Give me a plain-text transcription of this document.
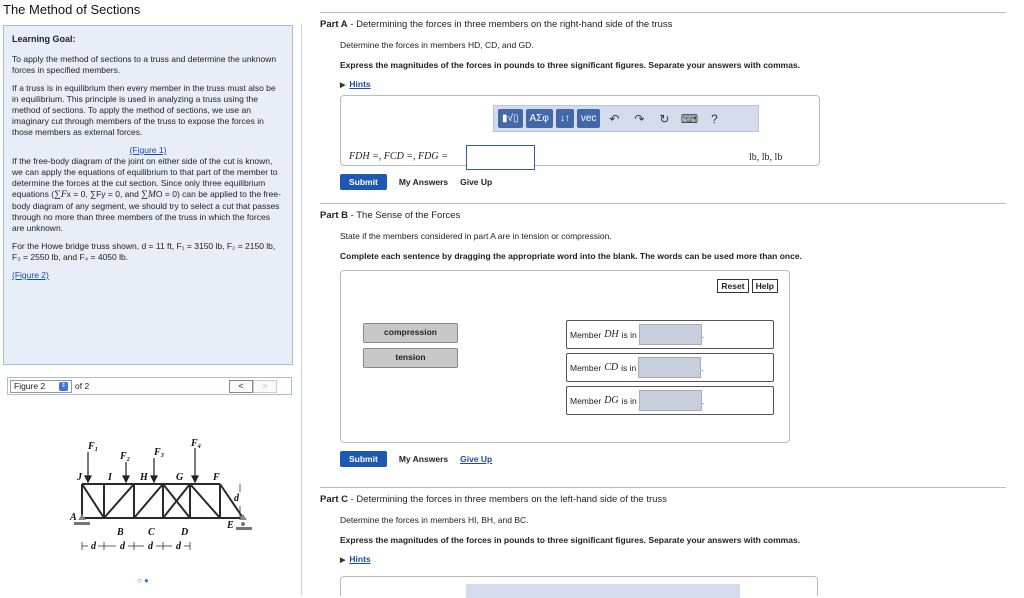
The Method of Sections
Learning Goal:

To apply the method of sections to a truss and determine the unknown forces in specified members.

If a truss is in equilibrium then every member in the truss must also be in equilibrium. This principle is used in analyzing a truss using the method of sections. To apply the method of sections, we use an imaginary cut through members of the truss to expose the forces in those members as external forces.

(Figure 1)

If the free-body diagram of the joint on either side of the cut is known, we can apply the equations of equilibrium to that part of the member to determine the forces at the cut section. Since only three equilibrium equations (∑Fx = 0, ∑Fy = 0, and ∑MO = 0) can be applied to the free-body diagram of any segment, we should try to select a cut that passes through no more than three members of the truss in which the forces are unknown.

For the Howe bridge truss shown, d = 11 ft, F₁ = 3150 lb, F₂ = 2150 lb, F₃ = 2550 lb, and F₄ = 4050 lb.

(Figure 2)

Figure 2	⇕ of 2	<	>
F₁
F₂ F₃
F₄
J	I	H	G	F
A
E
B C	D
d
d d d d
○ ●
Part A - Determining the forces in three members on the right-hand side of the truss
Determine the forces in members HD, CD, and GD.
Express the magnitudes of the forces in pounds to three significant figures. Separate your answers with commas.
▶ Hints
▮√▯	ΑΣφ	↓↑	vec	↶	↷	↻ ⌨	?
FDH =, FCD =, FDG =	lb, lb, lb
Submit	My Answers Give Up
Part B - The Sense of the Forces
State if the members considered in part A are in tension or compression.
Complete each sentence by dragging the appropriate word into the blank. The words can be used more than once.
Reset	Help
compression
tension
Member DH is in	.
Member CD is in	.
Member DG is in	.
Submit	My Answers Give Up
Part C - Determining the forces in three members on the left-hand side of the truss
Determine the forces in members HI, BH, and BC.
Express the magnitudes of the forces in pounds to three significant figures. Separate your answers with commas.
▶ Hints
